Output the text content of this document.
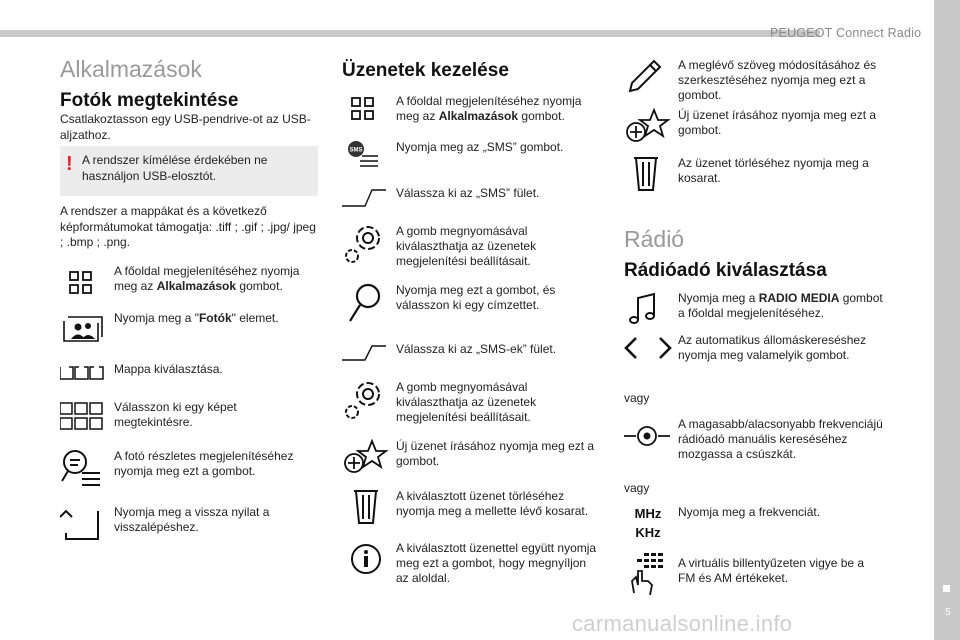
PEUGEOT Connect Radio
5
Alkalmazások
Fotók megtekintése
Csatlakoztasson egy USB-pendrive-ot az USB-aljzathoz.
! A rendszer kímélése érdekében ne használjon USB-elosztót.
A rendszer a mappákat és a következő képformátumokat támogatja: .tiff ; .gif ; .jpg/ jpeg ; .bmp ; .png.
A főoldal megjelenítéséhez nyomja meg az Alkalmazások gombot.
Nyomja meg a "Fotók" elemet.
Mappa kiválasztása.
Válasszon ki egy képet megtekintésre.
A fotó részletes megjelenítéséhez nyomja meg ezt a gombot.
Nyomja meg a vissza nyilat a visszalépéshez.
Üzenetek kezelése
A főoldal megjelenítéséhez nyomja meg az Alkalmazások gombot.
SMS	Nyomja meg az „SMS” gombot.
Válassza ki az „SMS” fület.
A gomb megnyomásával kiválaszthatja az üzenetek megjelenítési beállításait.
Nyomja meg ezt a gombot, és válasszon ki egy címzettet.
Válassza ki az „SMS-ek” fület.
A gomb megnyomásával kiválaszthatja az üzenetek megjelenítési beállításait.
Új üzenet írásához nyomja meg ezt a gombot.
A kiválasztott üzenet törléséhez nyomja meg a mellette lévő kosarat.
A kiválasztott üzenettel együtt nyomja meg ezt a gombot, hogy megnyíljon az aloldal.
A meglévő szöveg módosításához és szerkesztéséhez nyomja meg ezt a gombot.
Új üzenet írásához nyomja meg ezt a gombot.
Az üzenet törléséhez nyomja meg a kosarat.
Rádió
Rádióadó kiválasztása
Nyomja meg a RADIO MEDIA gombot a főoldal megjelenítéséhez.
Az automatikus állomáskereséshez nyomja meg valamelyik gombot.
vagy
A magasabb/alacsonyabb frekvenciájú rádióadó manuális kereséséhez mozgassa a csúszkát.
vagy
MHz
KHz
Nyomja meg a frekvenciát.
A virtuális billentyűzeten vigye be a FM és AM értékeket.
carmanualsonline.info
